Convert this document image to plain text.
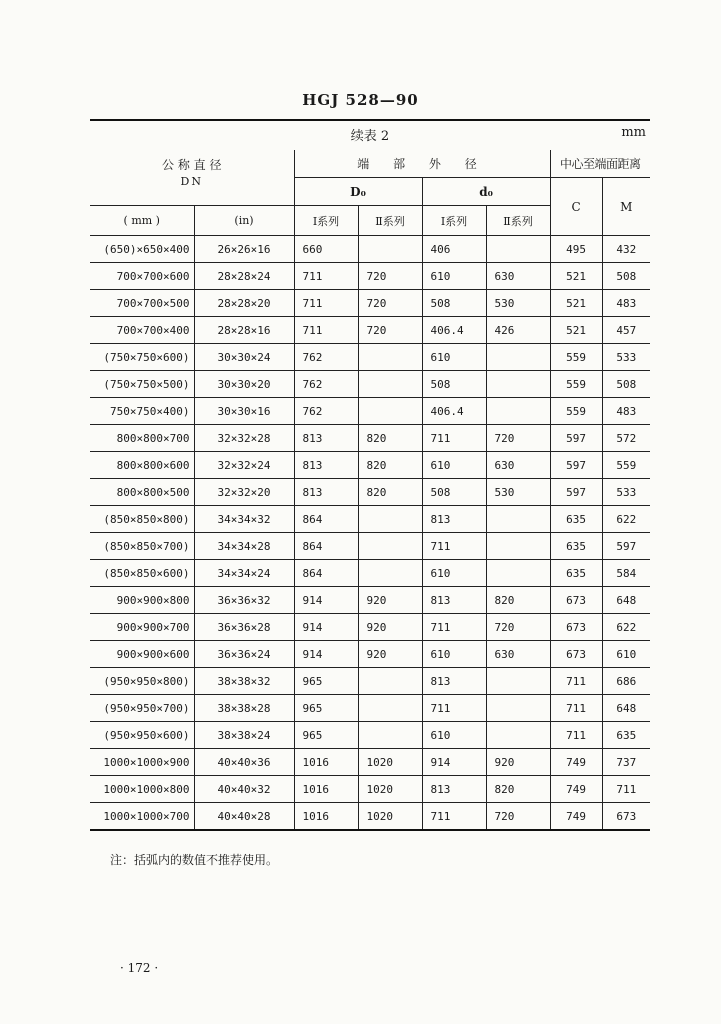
HGJ 528—90
续表 2	mm
公 称 直 径
DN		端 部 外 径				中心至端面距离	
		D₀		d₀		C	M
( mm )	(in)	Ⅰ系列	Ⅱ系列	Ⅰ系列	Ⅱ系列		
(650)×650×400	26×26×16	660		406		495	432
700×700×600	28×28×24	711	720	610	630	521	508
700×700×500	28×28×20	711	720	508	530	521	483
700×700×400	28×28×16	711	720	406.4	426	521	457
(750×750×600)	30×30×24	762		610		559	533
(750×750×500)	30×30×20	762		508		559	508
750×750×400)	30×30×16	762		406.4		559	483
800×800×700	32×32×28	813	820	711	720	597	572
800×800×600	32×32×24	813	820	610	630	597	559
800×800×500	32×32×20	813	820	508	530	597	533
(850×850×800)	34×34×32	864		813		635	622
(850×850×700)	34×34×28	864		711		635	597
(850×850×600)	34×34×24	864		610		635	584
900×900×800	36×36×32	914	920	813	820	673	648
900×900×700	36×36×28	914	920	711	720	673	622
900×900×600	36×36×24	914	920	610	630	673	610
(950×950×800)	38×38×32	965		813		711	686
(950×950×700)	38×38×28	965		711		711	648
(950×950×600)	38×38×24	965		610		711	635
1000×1000×900	40×40×36	1016	1020	914	920	749	737
1000×1000×800	40×40×32	1016	1020	813	820	749	711
1000×1000×700	40×40×28	1016	1020	711	720	749	673
注：括弧内的数值不推荐使用。
· 172 ·
